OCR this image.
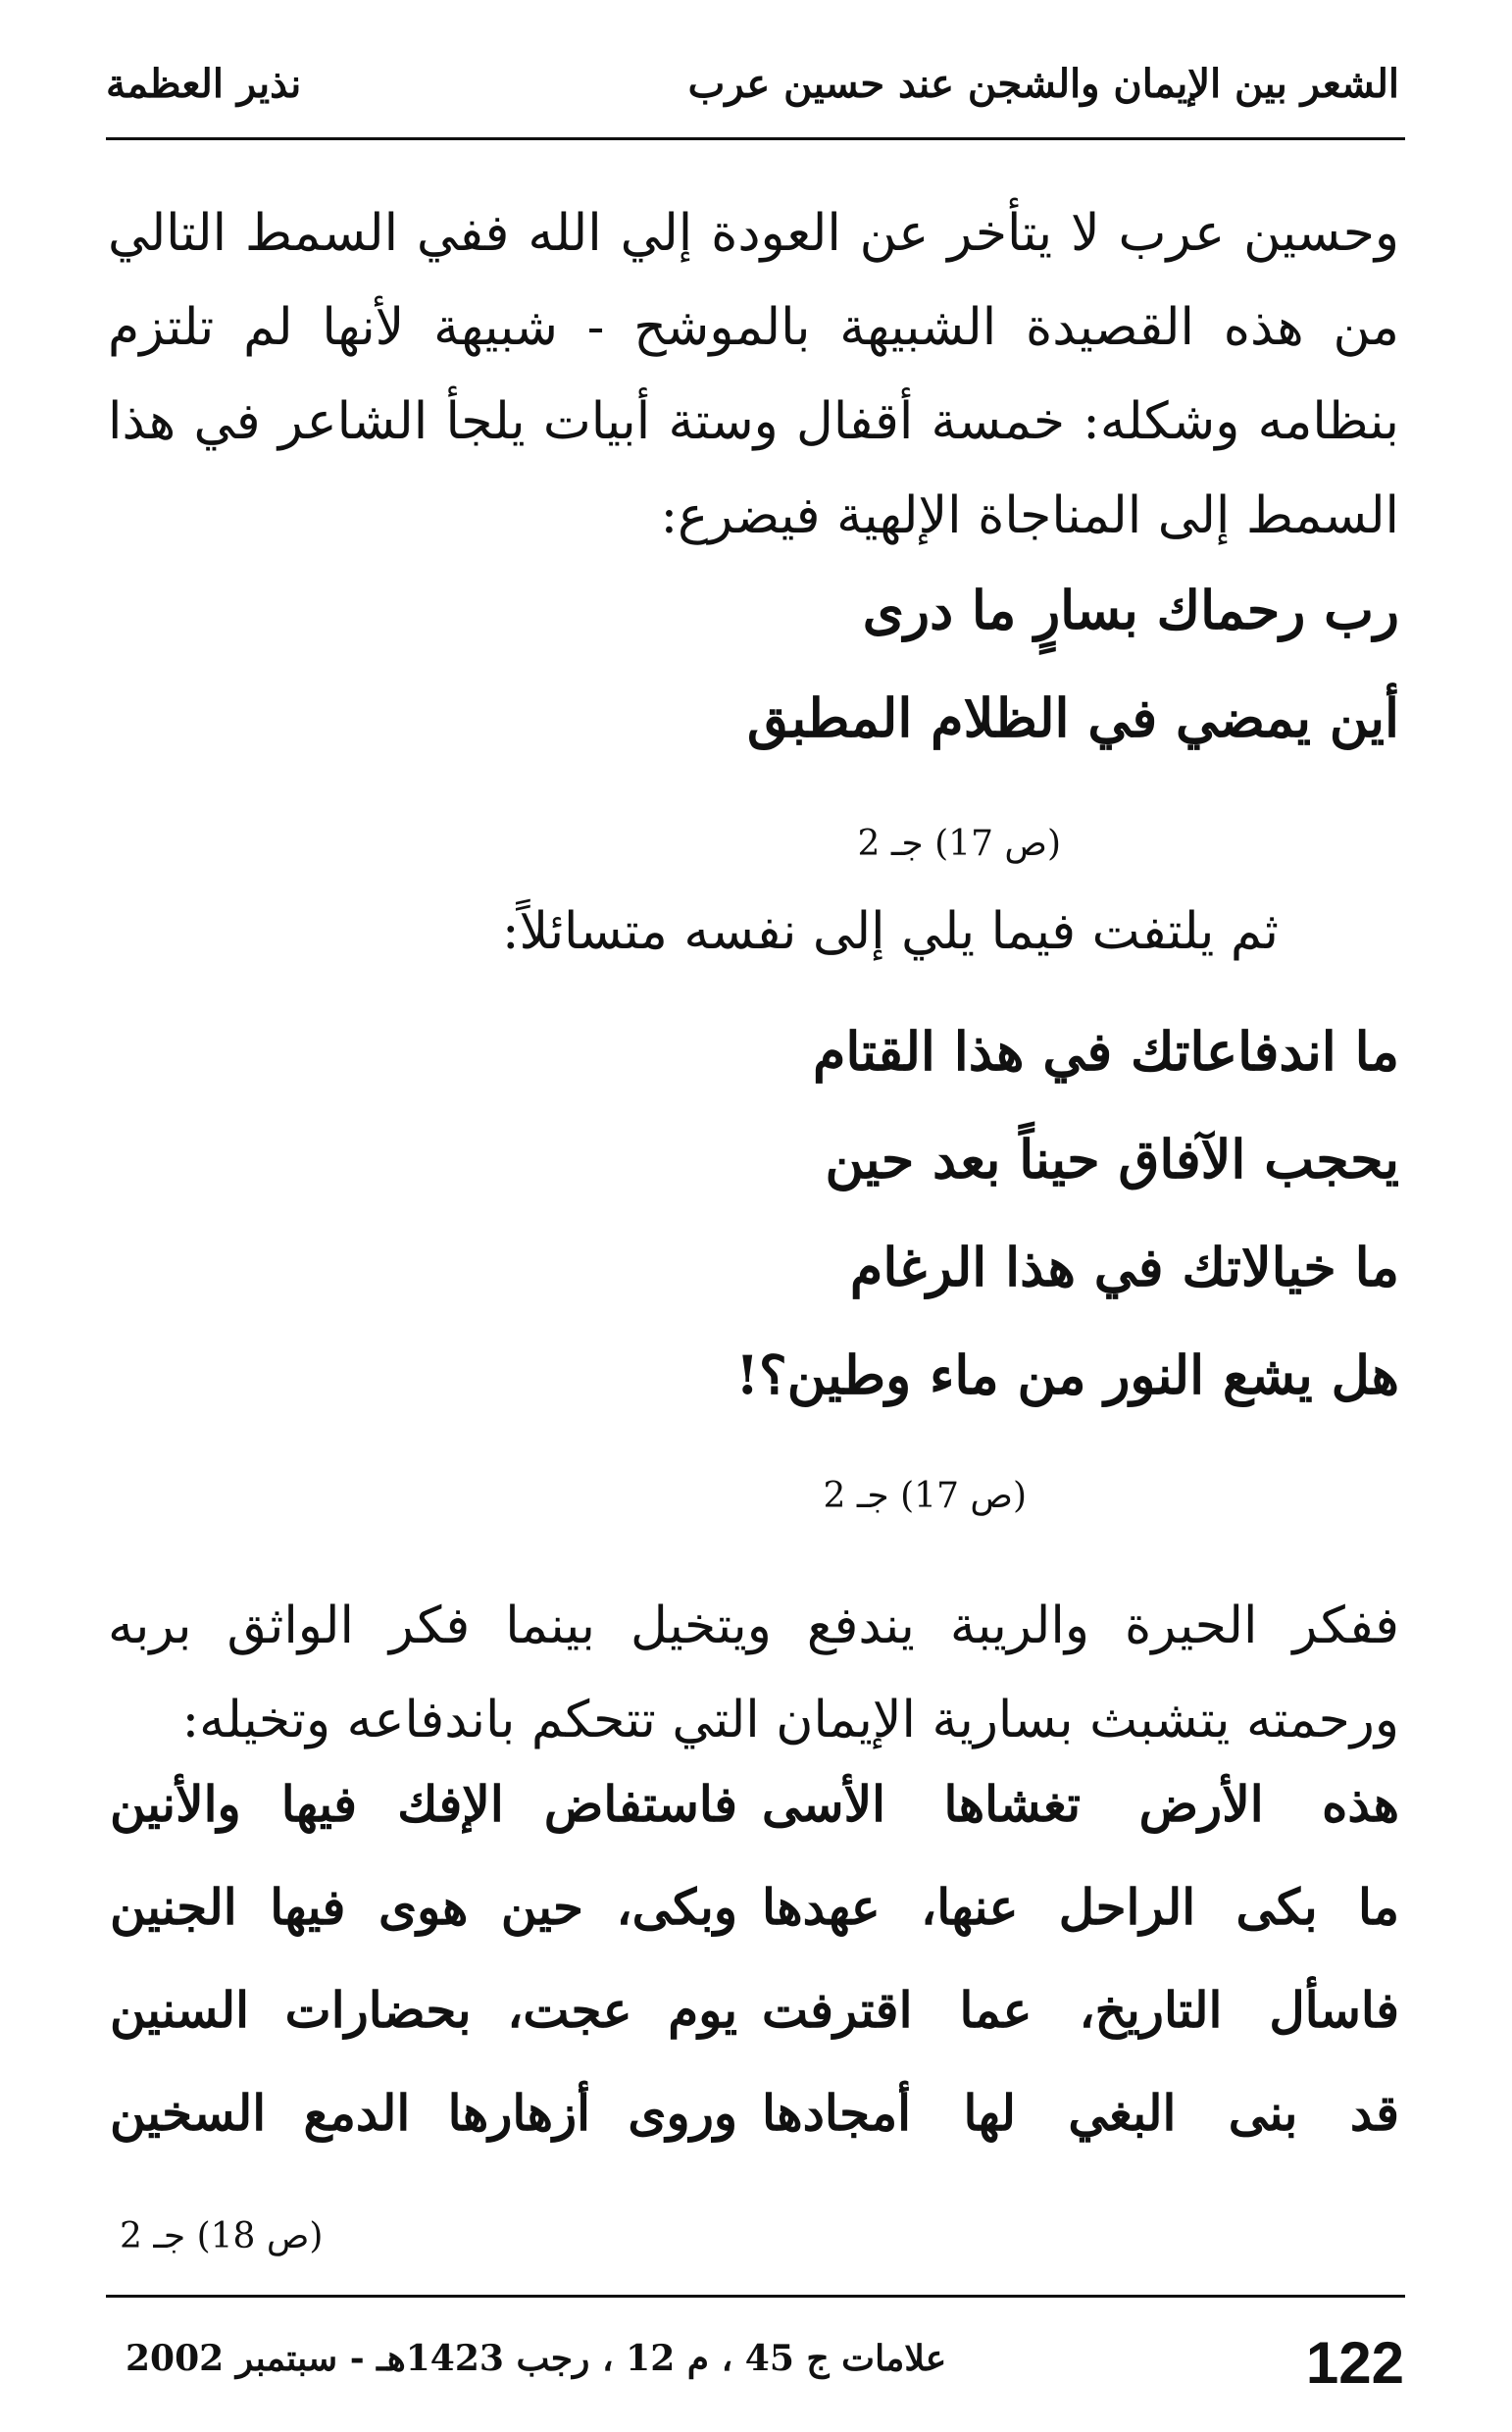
الشعر بين الإيمان والشجن عند حسين عرب
نذير العظمة
وحسين عرب لا يتأخر عن العودة إلي الله ففي السمط التالي من هذه القصيدة الشبيهة بالموشح - شبيهة لأنها لم تلتزم بنظامه وشكله: خمسة أقفال وستة أبيات يلجأ الشاعر في هذا السمط إلى المناجاة الإلهية فيضرع:
رب رحماك بسارٍ ما درى
أين يمضي في الظلام المطبق
(ص 17) جـ 2
ثم يلتفت فيما يلي إلى نفسه متسائلاً:
ما اندفاعاتك في هذا القتام
يحجب الآفاق حيناً بعد حين
ما خيالاتك في هذا الرغام
هل يشع النور من ماء وطين؟!
(ص 17) جـ 2
ففكر الحيرة والريبة يندفع ويتخيل بينما فكر الواثق بربه ورحمته يتشبث بسارية الإيمان التي تتحكم باندفاعه وتخيله:
هذه الأرض تغشاها الأسى
فاستفاض الإفك فيها والأنين
ما بكى الراحل عنها، عهدها
وبكى، حين هوى فيها الجنين
فاسأل التاريخ، عما اقترفت
يوم عجت، بحضارات السنين
قد بنى البغي لها أمجادها
وروى أزهارها الدمع السخين
(ص 18) جـ 2
122
علامات ج 45 ، م 12 ، رجب 1423هـ - سبتمبر 2002
